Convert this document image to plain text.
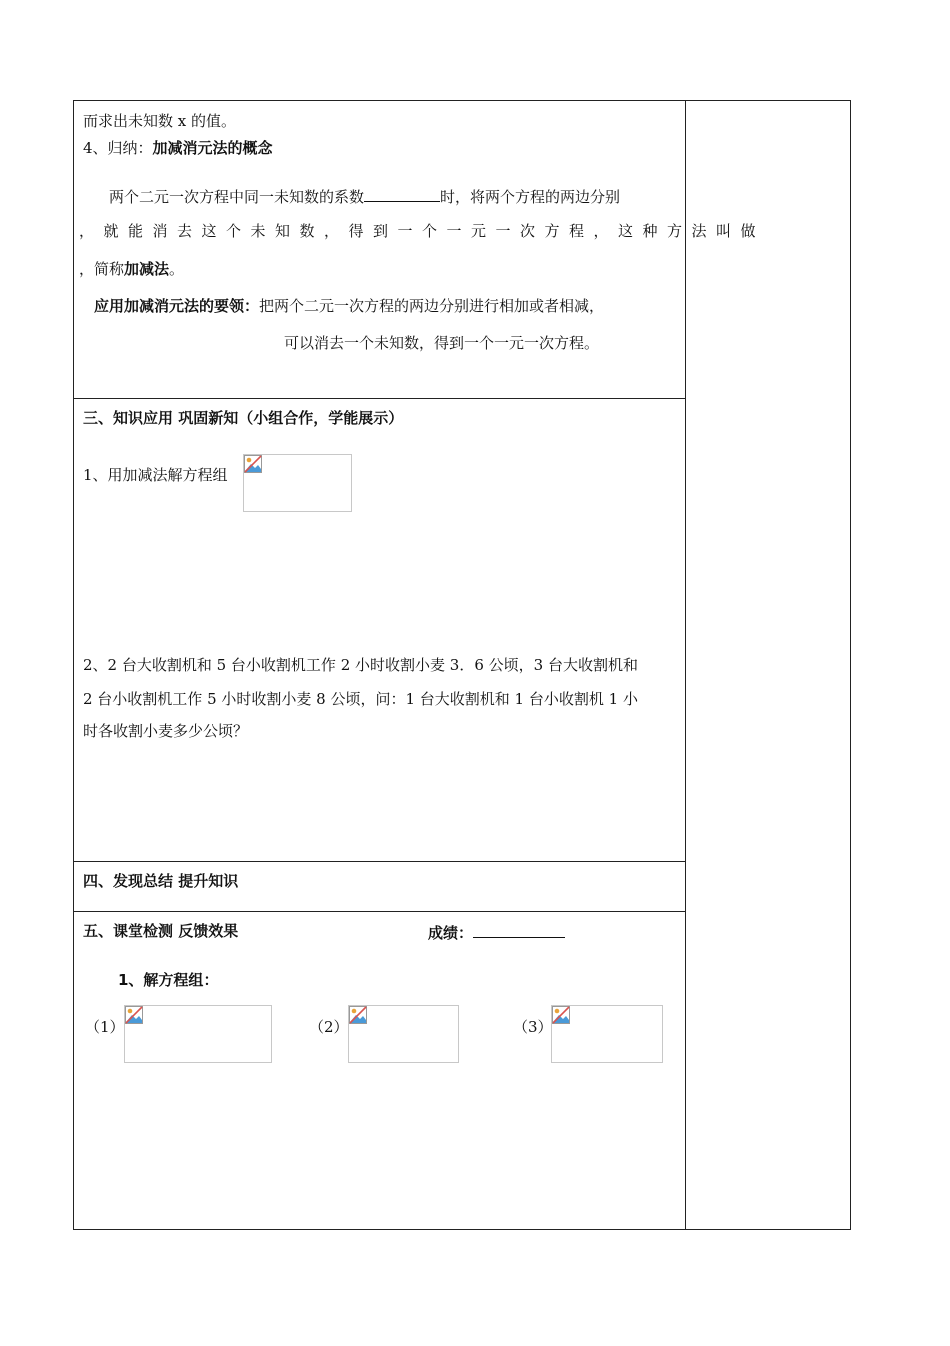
而求出未知数 x 的值。
4、归纳：加减消元法的概念
两个二元一次方程中同一未知数的系数	时，将两个方程的两边分别
，就能消去这个未知数，得到一个一元一次方程，这种方法叫做
，简称加减法。
应用加减消元法的要领：把两个二元一次方程的两边分别进行相加或者相减，
可以消去一个未知数，得到一个一元一次方程。
三、知识应用 巩固新知（小组合作，学能展示）
1、用加减法解方程组
2、2 台大收割机和 5 台小收割机工作 2 小时收割小麦 3．6 公顷，3 台大收割机和
2 台小收割机工作 5 小时收割小麦 8 公顷，问：1 台大收割机和 1 台小收割机 1 小
时各收割小麦多少公顷？
四、发现总结 提升知识
五、课堂检测 反馈效果	成绩：
1、解方程组：
（1）	（2）	（3）
